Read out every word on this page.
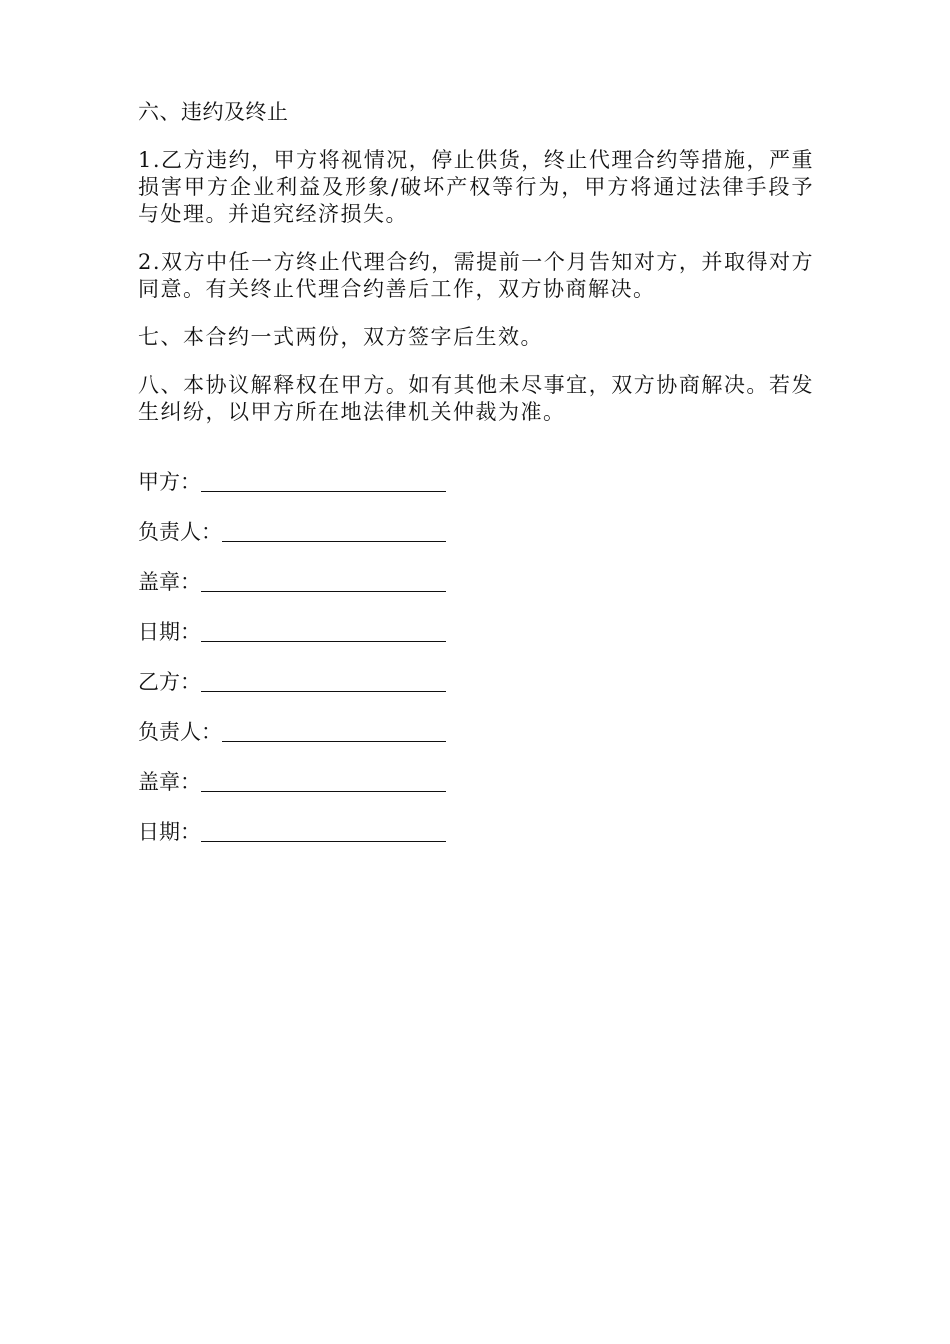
六、违约及终止

1.乙方违约，甲方将视情况，停止供货，终止代理合约等措施，严重损害甲方企业利益及形象/破坏产权等行为，甲方将通过法律手段予与处理。并追究经济损失。

2.双方中任一方终止代理合约，需提前一个月告知对方，并取得对方同意。有关终止代理合约善后工作，双方协商解决。

七、本合约一式两份，双方签字后生效。

八、本协议解释权在甲方。如有其他未尽事宜，双方协商解决。若发生纠纷，以甲方所在地法律机关仲裁为准。

甲方：
负责人：
盖章：
日期：
乙方：
负责人：
盖章：
日期：
